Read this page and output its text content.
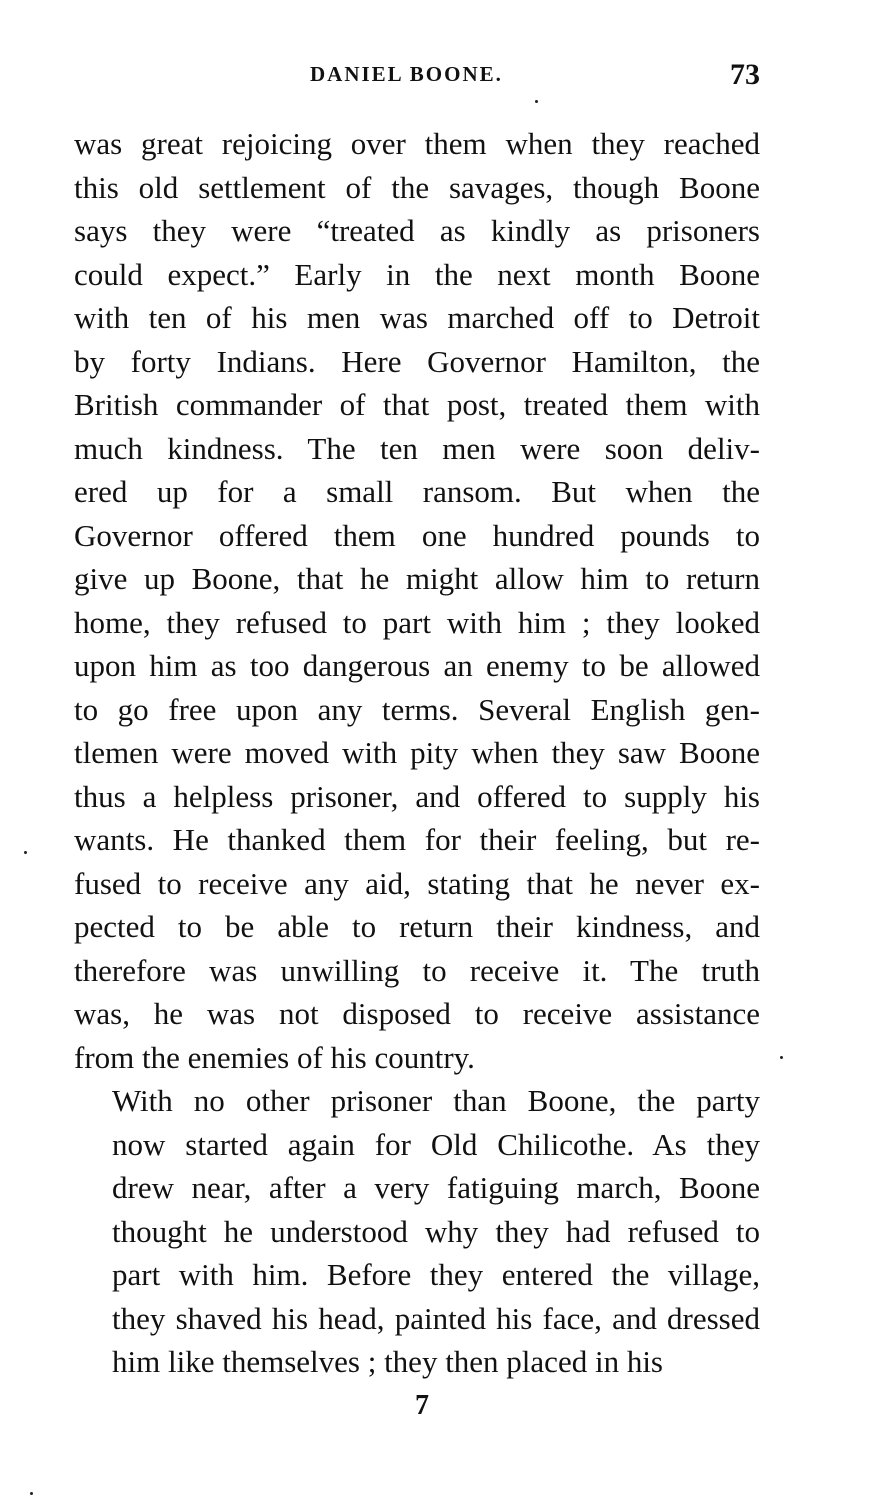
DANIEL BOONE.	73

was great rejoicing over them when they reached
this old settlement of the savages, though Boone
says they were “treated as kindly as prisoners
could expect.” Early in the next month Boone
with ten of his men was marched off to Detroit
by forty Indians. Here Governor Hamilton, the
British commander of that post, treated them with
much kindness. The ten men were soon deliv-
ered up for a small ransom. But when the
Governor offered them one hundred pounds to
give up Boone, that he might allow him to return
home, they refused to part with him ; they looked
upon him as too dangerous an enemy to be allowed
to go free upon any terms. Several English gen-
tlemen were moved with pity when they saw Boone
thus a helpless prisoner, and offered to supply his
wants. He thanked them for their feeling, but re-
fused to receive any aid, stating that he never ex-
pected to be able to return their kindness, and
therefore was unwilling to receive it. The truth
was, he was not disposed to receive assistance
from the enemies of his country.

With no other prisoner than Boone, the party
now started again for Old Chilicothe. As they
drew near, after a very fatiguing march, Boone
thought he understood why they had refused to
part with him. Before they entered the village,
they shaved his head, painted his face, and dressed
him like themselves ; they then placed in his

7
